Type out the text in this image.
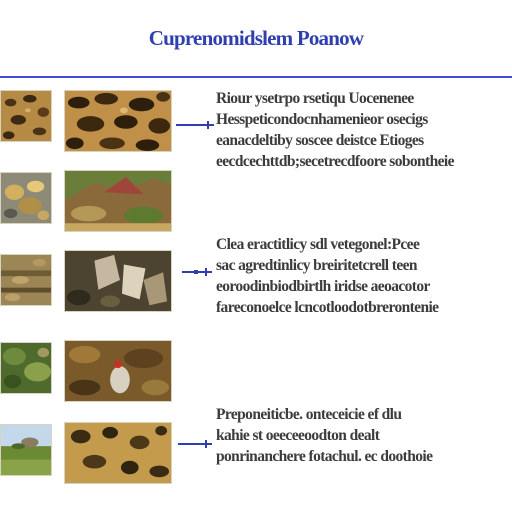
Cuprenomidslem Poanow
Riour ysetrpo rsetiqu Uocenenee
Hesspeticondocnhamenieor osecigs
eanacdeltiby soscee deistce Etioges
eecdcechttdb;secetrecdfoore sobontheie
Clea eractitlicy sdl vetegonel:Pcee
sac agredtinlicy breiritetcrell teen
eoroodinbiodbirtlh iridse aeoacotor
fareconoelce lcncotloodotbrerontenie
Preponeiticbe. onteceicie ef dlu
kahie st oeeceeoodton dealt
ponrinanchere fotachul. ec doothoie
